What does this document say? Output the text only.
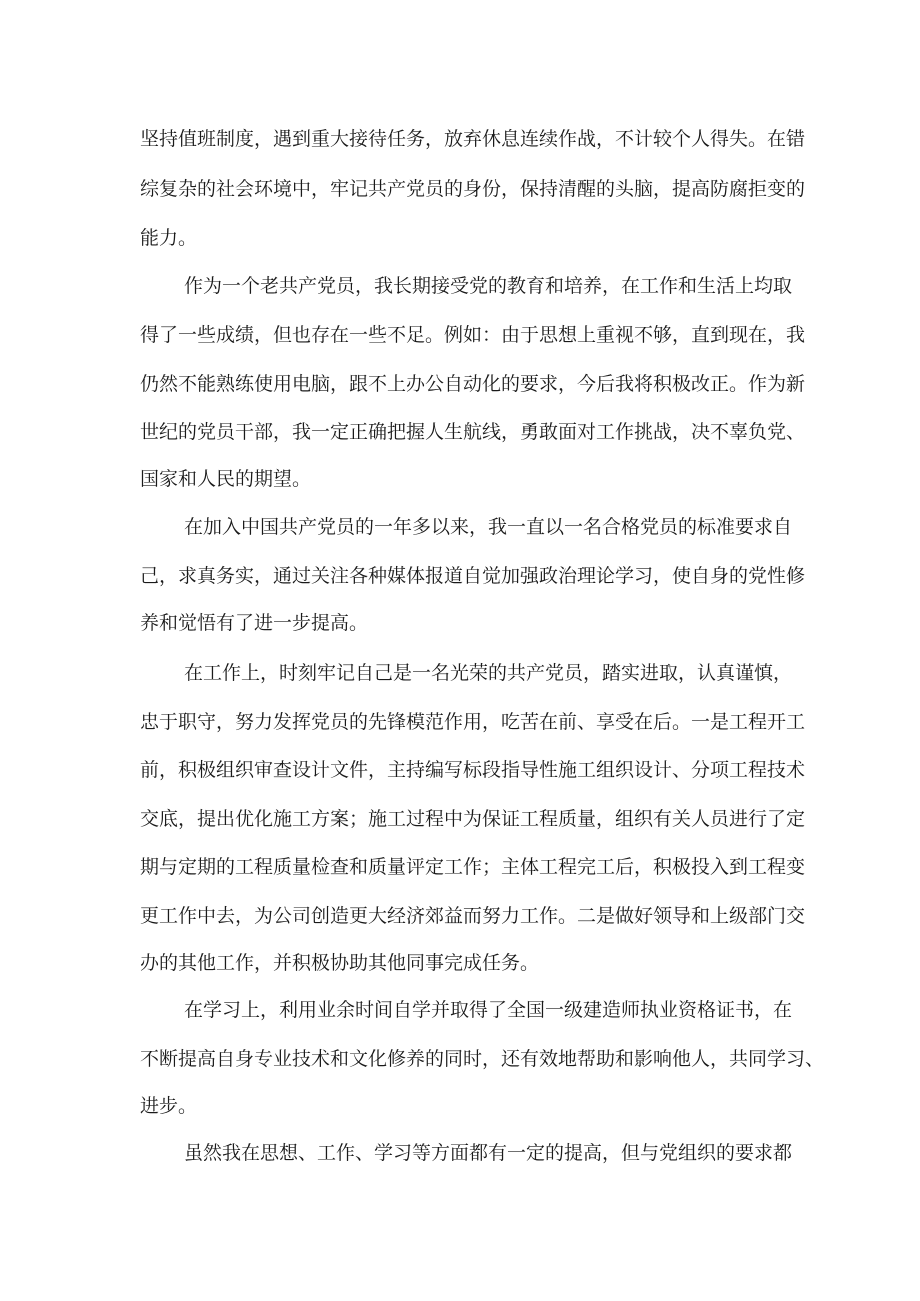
坚持值班制度，遇到重大接待任务，放弃休息连续作战，不计较个人得失。在错
综复杂的社会环境中，牢记共产党员的身份，保持清醒的头脑，提高防腐拒变的
能力。
作为一个老共产党员，我长期接受党的教育和培养，在工作和生活上均取
得了一些成绩，但也存在一些不足。例如：由于思想上重视不够，直到现在，我
仍然不能熟练使用电脑，跟不上办公自动化的要求，今后我将积极改正。作为新
世纪的党员干部，我一定正确把握人生航线，勇敢面对工作挑战，决不辜负党、
国家和人民的期望。
在加入中国共产党员的一年多以来，我一直以一名合格党员的标准要求自
己，求真务实，通过关注各种媒体报道自觉加强政治理论学习，使自身的党性修
养和觉悟有了进一步提高。
在工作上，时刻牢记自己是一名光荣的共产党员，踏实进取，认真谨慎，
忠于职守，努力发挥党员的先锋模范作用，吃苦在前、享受在后。一是工程开工
前，积极组织审查设计文件，主持编写标段指导性施工组织设计、分项工程技术
交底，提出优化施工方案；施工过程中为保证工程质量，组织有关人员进行了定
期与定期的工程质量检查和质量评定工作；主体工程完工后，积极投入到工程变
更工作中去，为公司创造更大经济郊益而努力工作。二是做好领导和上级部门交
办的其他工作，并积极协助其他同事完成任务。
在学习上，利用业余时间自学并取得了全国一级建造师执业资格证书，在
不断提高自身专业技术和文化修养的同时，还有效地帮助和影响他人，共同学习、
进步。
虽然我在思想、工作、学习等方面都有一定的提高，但与党组织的要求都
